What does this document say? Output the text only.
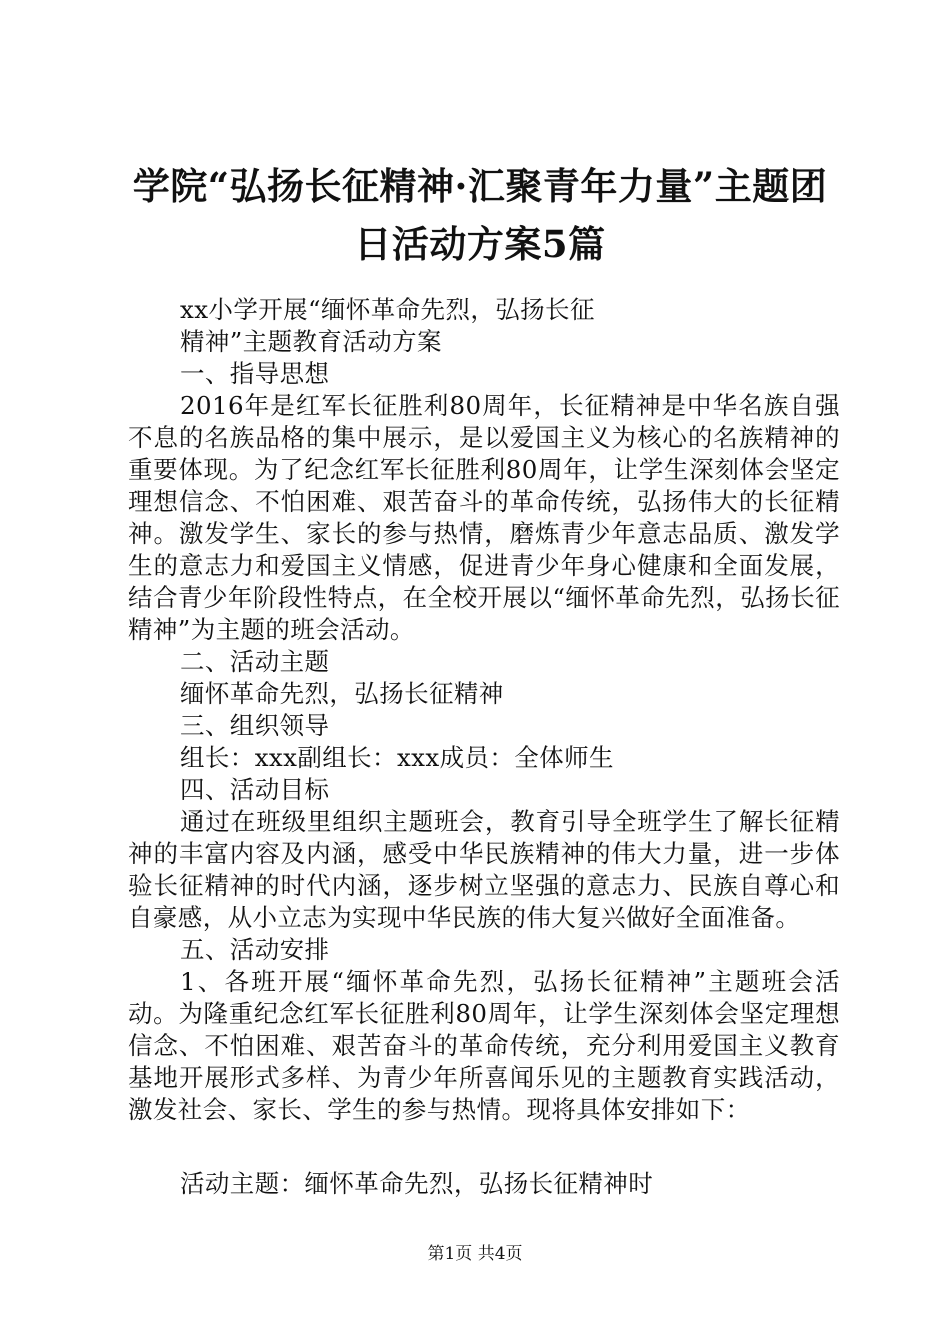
学院“弘扬长征精神·汇聚青年力量”主题团
日活动方案5篇
xx小学开展“缅怀革命先烈，弘扬长征
精神”主题教育活动方案
一、指导思想
2016年是红军长征胜利80周年，长征精神是中华名族自强不息的名族品格的集中展示，是以爱国主义为核心的名族精神的重要体现。为了纪念红军长征胜利80周年，让学生深刻体会坚定理想信念、不怕困难、艰苦奋斗的革命传统，弘扬伟大的长征精神。激发学生、家长的参与热情，磨炼青少年意志品质、激发学生的意志力和爱国主义情感，促进青少年身心健康和全面发展，结合青少年阶段性特点，在全校开展以“缅怀革命先烈，弘扬长征精神”为主题的班会活动。
二、活动主题
缅怀革命先烈，弘扬长征精神
三、组织领导
组长：xxx副组长：xxx成员：全体师生
四、活动目标
通过在班级里组织主题班会，教育引导全班学生了解长征精神的丰富内容及内涵，感受中华民族精神的伟大力量，进一步体验长征精神的时代内涵，逐步树立坚强的意志力、民族自尊心和自豪感，从小立志为实现中华民族的伟大复兴做好全面准备。
五、活动安排
1、各班开展“缅怀革命先烈，弘扬长征精神”主题班会活动。为隆重纪念红军长征胜利80周年，让学生深刻体会坚定理想信念、不怕困难、艰苦奋斗的革命传统，充分利用爱国主义教育基地开展形式多样、为青少年所喜闻乐见的主题教育实践活动，激发社会、家长、学生的参与热情。现将具体安排如下：
活动主题：缅怀革命先烈，弘扬长征精神时
第1页 共4页
